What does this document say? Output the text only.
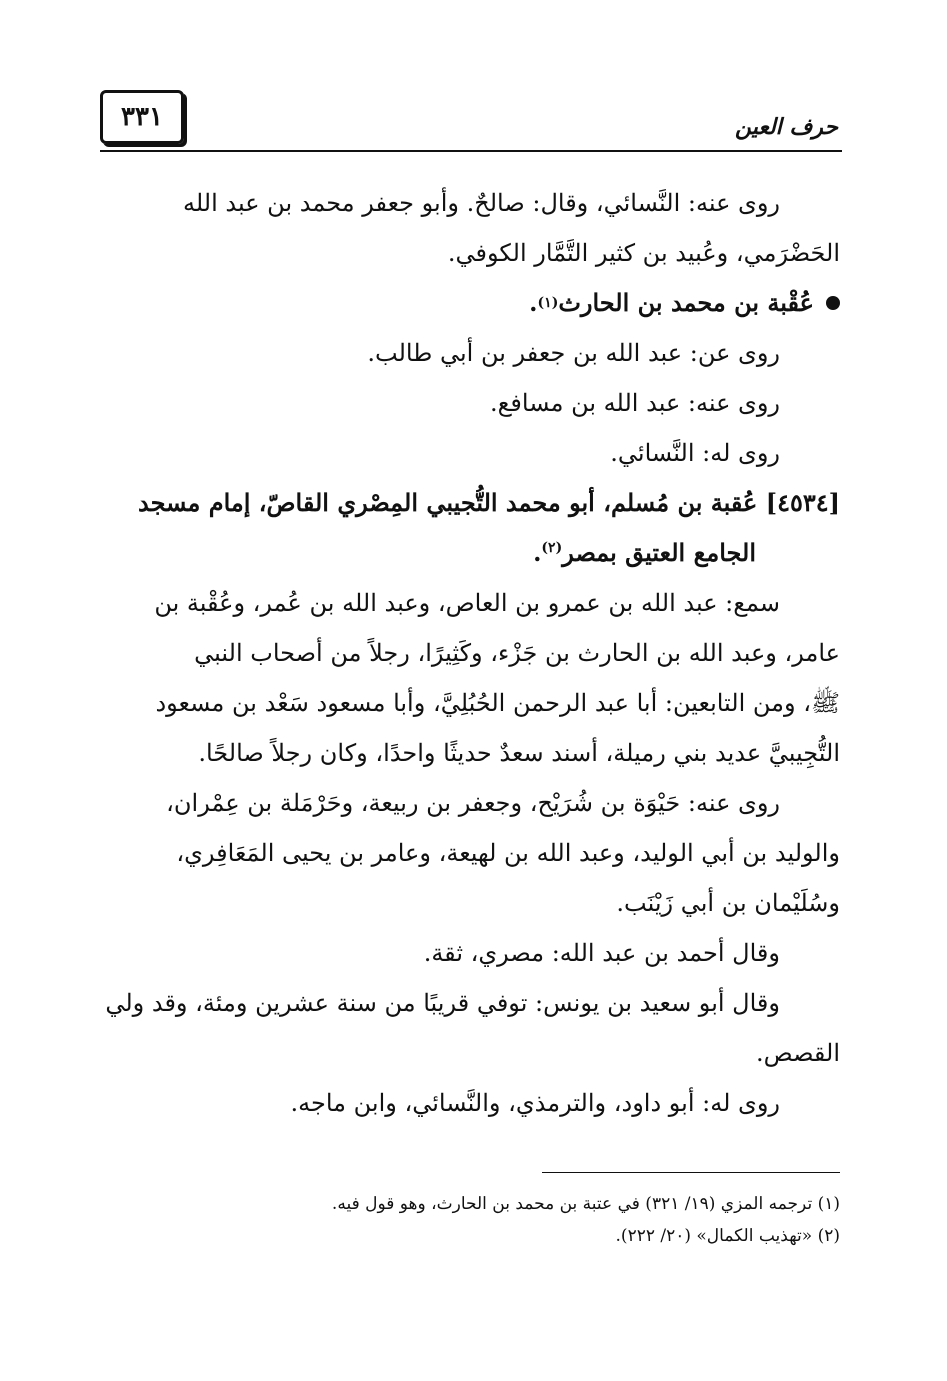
٣٣١	حرف العين

روى عنه: النَّسائي، وقال: صالحٌ. وأبو جعفر محمد بن عبد الله

الحَضْرَمي، وعُبيد بن كثير التَّمَّار الكوفي.

عُقْبة بن محمد بن الحارث
(١)
.

روى عن: عبد الله بن جعفر بن أبي طالب.

روى عنه: عبد الله بن مسافع.

روى له: النَّسائي.

[٤٥٣٤] عُقبة بن مُسلم، أبو محمد التُّجيبي المِصْري القاصّ، إمام مسجد

الجامع العتيق بمصر$^{(٢)}$.

سمع: عبد الله بن عمرو بن العاص، وعبد الله بن عُمر، وعُقْبة بن

عامر، وعبد الله بن الحارث بن جَزْء، وكَثِيرًا، رجلاً من أصحاب النبي

ﷺ، ومن التابعين: أبا عبد الرحمن الحُبُلِيَّ، وأبا مسعود سَعْد بن مسعود

التُّجِيبيَّ عديد بني رميلة، أسند سعدٌ حديثًا واحدًا، وكان رجلاً صالحًا.

روى عنه: حَيْوَة بن شُرَيْح، وجعفر بن ربيعة، وحَرْمَلة بن عِمْران،

والوليد بن أبي الوليد، وعبد الله بن لهيعة، وعامر بن يحيى المَعَافِري،

وسُلَيْمان بن أبي زَيْنَب.

وقال أحمد بن عبد الله: مصري، ثقة.

وقال أبو سعيد بن يونس: توفي قريبًا من سنة عشرين ومئة، وقد ولي

القصص.

روى له: أبو داود، والترمذي، والنَّسائي، وابن ماجه.

(١) ترجمه المزي (١٩/ ٣٢١) في عتبة بن محمد بن الحارث، وهو قول فيه.

(٢) «تهذيب الكمال» (٢٠/ ٢٢٢).
